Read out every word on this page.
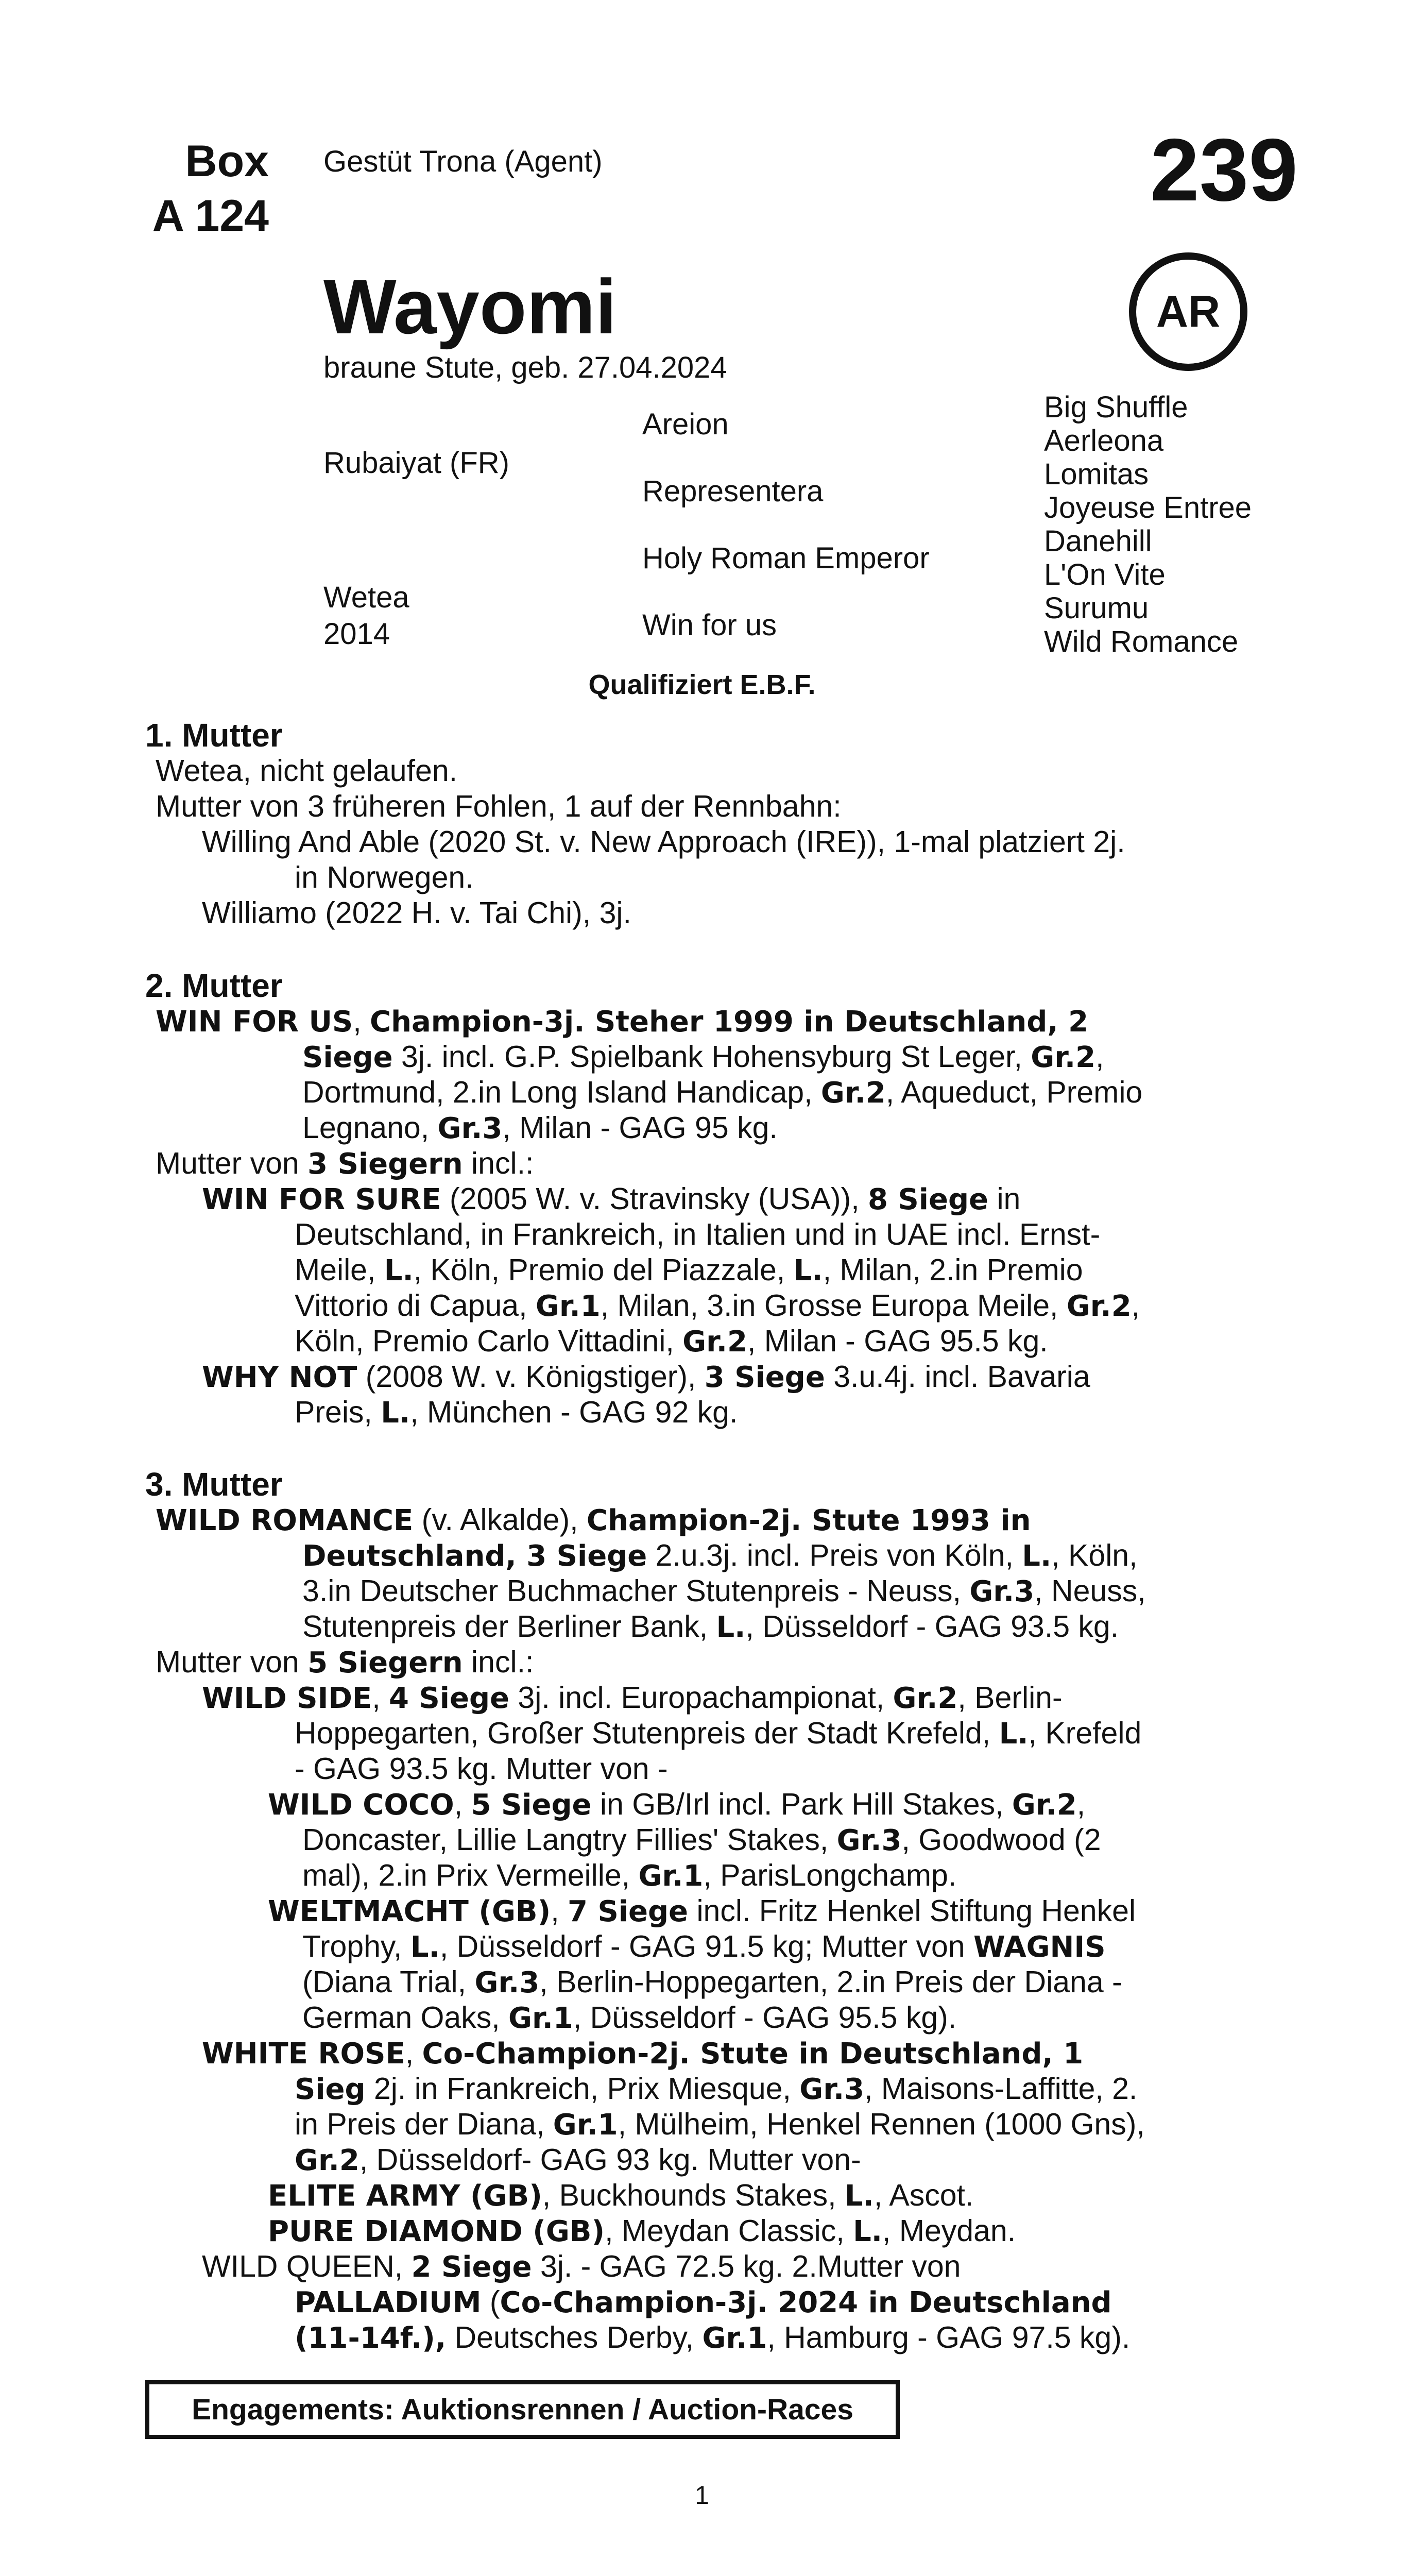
Box
A 124
Gestüt Trona (Agent)	239
Wayomi	AR
braune Stute, geb. 27.04.2024
Rubaiyat (FR)
Wetea
2014
Areion
Representera
Holy Roman Emperor
Win for us
Big Shuffle
Aerleona
Lomitas
Joyeuse Entree
Danehill
L'On Vite
Surumu
Wild Romance
Qualifiziert E.B.F.
1. Mutter
Wetea, nicht gelaufen.
Mutter von 3 früheren Fohlen, 1 auf der Rennbahn:
Willing And Able (2020 St. v. New Approach (IRE)), 1-mal platziert 2j.
in Norwegen.
Williamo (2022 H. v. Tai Chi), 3j.
2. Mutter
WIN FOR US, Champion-3j. Steher 1999 in Deutschland, 2
Siege 3j. incl. G.P. Spielbank Hohensyburg St Leger, Gr.2,
Dortmund, 2.in Long Island Handicap, Gr.2, Aqueduct, Premio
Legnano, Gr.3, Milan - GAG 95 kg.
Mutter von 3 Siegern incl.:
WIN FOR SURE (2005 W. v. Stravinsky (USA)), 8 Siege in
Deutschland, in Frankreich, in Italien und in UAE incl. Ernst-
Meile, L., Köln, Premio del Piazzale, L., Milan, 2.in Premio
Vittorio di Capua, Gr.1, Milan, 3.in Grosse Europa Meile, Gr.2,
Köln, Premio Carlo Vittadini, Gr.2, Milan - GAG 95.5 kg.
WHY NOT (2008 W. v. Königstiger), 3 Siege 3.u.4j. incl. Bavaria
Preis, L., München - GAG 92 kg.
3. Mutter
WILD ROMANCE (v. Alkalde), Champion-2j. Stute 1993 in
Deutschland, 3 Siege 2.u.3j. incl. Preis von Köln, L., Köln,
3.in Deutscher Buchmacher Stutenpreis - Neuss, Gr.3, Neuss,
Stutenpreis der Berliner Bank, L., Düsseldorf - GAG 93.5 kg.
Mutter von 5 Siegern incl.:
WILD SIDE, 4 Siege 3j. incl. Europachampionat, Gr.2, Berlin-
Hoppegarten, Großer Stutenpreis der Stadt Krefeld, L., Krefeld
- GAG 93.5 kg. Mutter von -
WILD COCO, 5 Siege in GB/Irl incl. Park Hill Stakes, Gr.2,
Doncaster, Lillie Langtry Fillies' Stakes, Gr.3, Goodwood (2
mal), 2.in Prix Vermeille, Gr.1, ParisLongchamp.
WELTMACHT (GB), 7 Siege incl. Fritz Henkel Stiftung Henkel
Trophy, L., Düsseldorf - GAG 91.5 kg; Mutter von WAGNIS
(Diana Trial, Gr.3, Berlin-Hoppegarten, 2.in Preis der Diana -
German Oaks, Gr.1, Düsseldorf - GAG 95.5 kg).
WHITE ROSE, Co-Champion-2j. Stute in Deutschland, 1
Sieg 2j. in Frankreich, Prix Miesque, Gr.3, Maisons-Laffitte, 2.
in Preis der Diana, Gr.1, Mülheim, Henkel Rennen (1000 Gns),
Gr.2, Düsseldorf- GAG 93 kg. Mutter von-
ELITE ARMY (GB), Buckhounds Stakes, L., Ascot.
PURE DIAMOND (GB), Meydan Classic, L., Meydan.
WILD QUEEN, 2 Siege 3j. - GAG 72.5 kg. 2.Mutter von
PALLADIUM (Co-Champion-3j. 2024 in Deutschland
(11-14f.), Deutsches Derby, Gr.1, Hamburg - GAG 97.5 kg).
Engagements: Auktionsrennen / Auction-Races
1
